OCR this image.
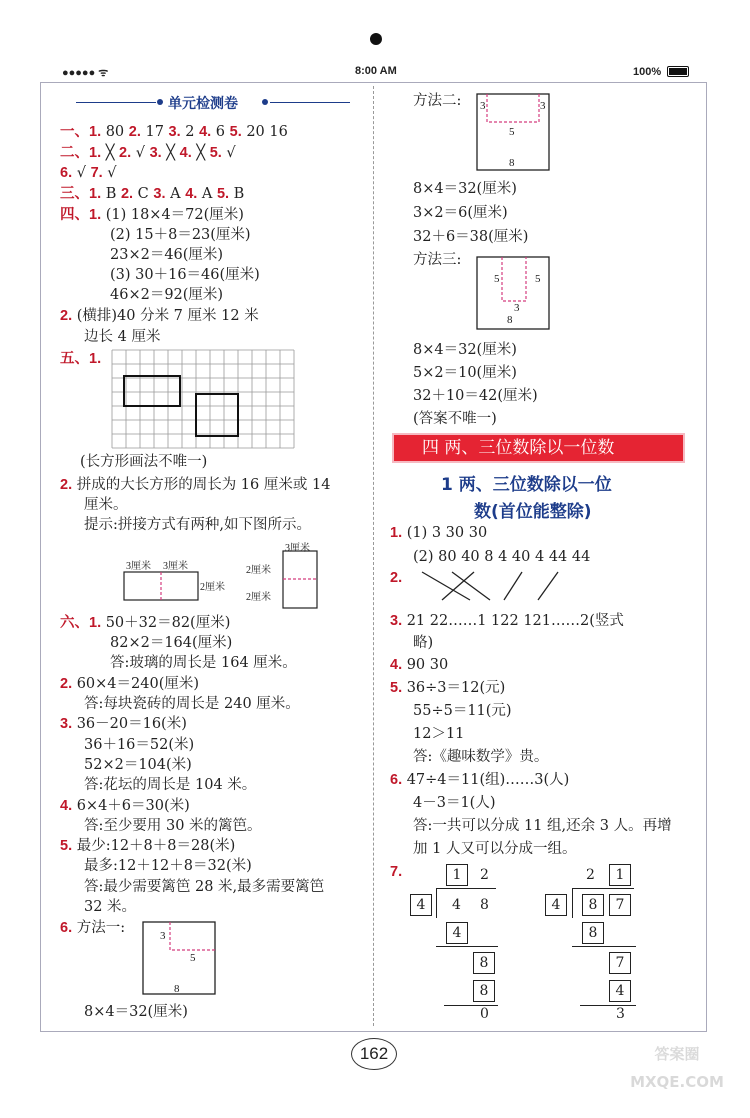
●●●●● ᯤ	8:00 AM	100%
单元检测卷
一、1. 80 2. 17 3. 2 4. 6 5. 20 16
二、1. ╳ 2. √ 3. ╳ 4. ╳ 5. √
6. √ 7. √
三、1. B 2. C 3. A 4. A 5. B
四、1. (1) 18×4＝72(厘米)
(2) 15＋8＝23(厘米)
23×2＝46(厘米)
(3) 30＋16＝46(厘米)
46×2＝92(厘米)
2. (横排)40 分米 7 厘米 12 米
边长 4 厘米
五、1.
(长方形画法不唯一)
2. 拼成的大长方形的周长为 16 厘米或 14
厘米。
提示:拼接方式有两种,如下图所示。
六、1. 50＋32＝82(厘米)
82×2＝164(厘米)
答:玻璃的周长是 164 厘米。
2. 60×4＝240(厘米)
答:每块瓷砖的周长是 240 厘米。
3. 36－20＝16(米)
36＋16＝52(米)
52×2＝104(米)
答:花坛的周长是 104 米。
4. 6×4＋6＝30(米)
答:至少要用 30 米的篱笆。
5. 最少:12＋8＋8＝28(米)
最多:12＋12＋8＝32(米)
答:最少需要篱笆 28 米,最多需要篱笆
32 米。
6. 方法一:
8×4＝32(厘米)
方法二:
8×4＝32(厘米)
3×2＝6(厘米)
32＋6＝38(厘米)
方法三:
8×4＝32(厘米)
5×2＝10(厘米)
32＋10＝42(厘米)
(答案不唯一)
1. (1) 3 30 30
(2) 80 40 8 4 40 4 44 44
2.
3. 21 22……1 122 121……2(竖式
略)
4. 90 30
5. 36÷3＝12(元)
55÷5＝11(元)
12＞11
答:《趣味数学》贵。
6. 47÷4＝11(组)……3(人)
4－3＝1(人)
答:一共可以分成 11 组,还余 3 人。再增
加 1 人又可以分成一组。
7.
3厘米 3厘米
2厘米
3厘米
2厘米
2厘米
3
5
8
3	3
5
8
5	5
3
8
四 两、三位数除以一位数
1 两、三位数除以一位
数(首位能整除)
1	2
4	4 8
4
8
8
0
2	1
4	8	7
8
7
4
3
162	答案圈
MXQE.COM
